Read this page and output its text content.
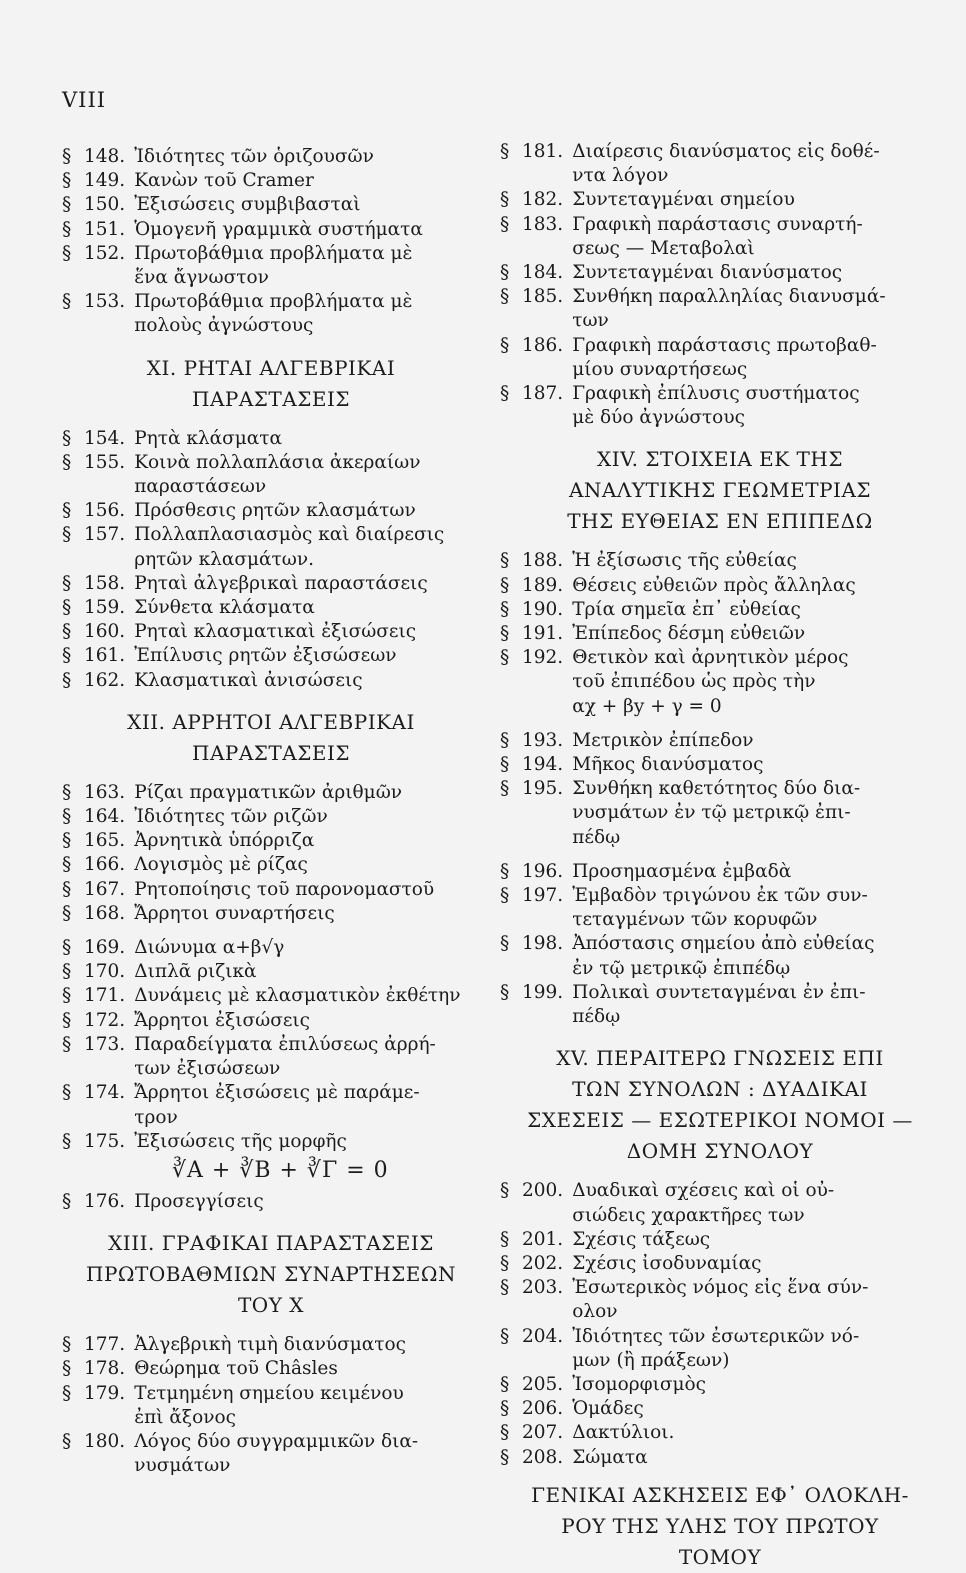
VIII
§ 148. Ἰδιότητες τῶν ὁριζουσῶν
§ 149. Κανὼν τοῦ Cramer
§ 150. Ἐξισώσεις συμβιβασταὶ
§ 151. Ὁμογενῆ γραμμικὰ συστήματα
§ 152. Πρωτοβάθμια προβλήματα μὲ
ἕνα ἄγνωστον
§ 153. Πρωτοβάθμια προβλήματα μὲ
πολοὺς ἀγνώστους
XI. ΡΗΤΑΙ ΑΛΓΕΒΡΙΚΑΙ
ΠΑΡΑΣΤΑΣΕΙΣ
§ 154. Ρητὰ κλάσματα
§ 155. Κοινὰ πολλαπλάσια ἀκεραίων
παραστάσεων
§ 156. Πρόσθεσις ρητῶν κλασμάτων
§ 157. Πολλαπλασιασμὸς καὶ διαίρεσις
ρητῶν κλασμάτων.
§ 158. Ρηταὶ ἀλγεβρικαὶ παραστάσεις
§ 159. Σύνθετα κλάσματα
§ 160. Ρηταὶ κλασματικαὶ ἐξισώσεις
§ 161. Ἐπίλυσις ρητῶν ἐξισώσεων
§ 162. Κλασματικαὶ ἀνισώσεις
XII. ΑΡΡΗΤΟΙ ΑΛΓΕΒΡΙΚΑΙ
ΠΑΡΑΣΤΑΣΕΙΣ
§ 163. Ρίζαι πραγματικῶν ἀριθμῶν
§ 164. Ἰδιότητες τῶν ριζῶν
§ 165. Ἀρνητικὰ ὑπόρριζα
§ 166. Λογισμὸς μὲ ρίζας
§ 167. Ρητοποίησις τοῦ παρονομαστοῦ
§ 168. Ἄρρητοι συναρτήσεις
§ 169. Διώνυμα α+β√γ
§ 170. Διπλᾶ ριζικὰ
§ 171. Δυνάμεις μὲ κλασματικὸν ἐκθέτην
§ 172. Ἄρρητοι ἐξισώσεις
§ 173. Παραδείγματα ἐπιλύσεως ἀρρή-
των ἐξισώσεων
§ 174. Ἄρρητοι ἐξισώσεις μὲ παράμε-
τρον
§ 175. Ἐξισώσεις τῆς μορφῆς
∛Α + ∛Β + ∛Γ = 0
§ 176. Προσεγγίσεις
XIII. ΓΡΑΦΙΚΑΙ ΠΑΡΑΣΤΑΣΕΙΣ
ΠΡΩΤΟΒΑΘΜΙΩΝ ΣΥΝΑΡΤΗΣΕΩΝ
ΤΟΥ Χ
§ 177. Ἀλγεβρικὴ τιμὴ διανύσματος
§ 178. Θεώρημα τοῦ Châsles
§ 179. Τετμημένη σημείου κειμένου
ἐπὶ ἄξονος
§ 180. Λόγος δύο συγγραμμικῶν δια-
νυσμάτων
§ 181. Διαίρεσις διανύσματος εἰς δοθέ-
ντα λόγον
§ 182. Συντεταγμέναι σημείου
§ 183. Γραφικὴ παράστασις συναρτή-
σεως — Μεταβολαὶ
§ 184. Συντεταγμέναι διανύσματος
§ 185. Συνθήκη παραλληλίας διανυσμά-
των
§ 186. Γραφικὴ παράστασις πρωτοβαθ-
μίου συναρτήσεως
§ 187. Γραφικὴ ἐπίλυσις συστήματος
μὲ δύο ἀγνώστους
XIV. ΣΤΟΙΧΕΙΑ ΕΚ ΤΗΣ
ΑΝΑΛΥΤΙΚΗΣ ΓΕΩΜΕΤΡΙΑΣ
ΤΗΣ ΕΥΘΕΙΑΣ ΕΝ ΕΠΙΠΕΔΩ
§ 188. Ἡ ἐξίσωσις τῆς εὐθείας
§ 189. Θέσεις εὐθειῶν πρὸς ἄλληλας
§ 190. Τρία σημεῖα ἐπ᾽ εὐθείας
§ 191. Ἐπίπεδος δέσμη εὐθειῶν
§ 192. Θετικὸν καὶ ἀρνητικὸν μέρος
τοῦ ἐπιπέδου ὡς πρὸς τὴν
αχ + βy + γ = 0
§ 193. Μετρικὸν ἐπίπεδον
§ 194. Μῆκος διανύσματος
§ 195. Συνθήκη καθετότητος δύο δια-
νυσμάτων ἐν τῷ μετρικῷ ἐπι-
πέδῳ
§ 196. Προσημασμένα ἐμβαδὰ
§ 197. Ἐμβαδὸν τριγώνου ἐκ τῶν συν-
τεταγμένων τῶν κορυφῶν
§ 198. Ἀπόστασις σημείου ἀπὸ εὐθείας
ἐν τῷ μετρικῷ ἐπιπέδῳ
§ 199. Πολικαὶ συντεταγμέναι ἐν ἐπι-
πέδῳ
XV. ΠΕΡΑΙΤΕΡΩ ΓΝΩΣΕΙΣ ΕΠΙ
ΤΩΝ ΣΥΝΟΛΩΝ : ΔΥΑΔΙΚΑΙ
ΣΧΕΣΕΙΣ — ΕΣΩΤΕΡΙΚΟΙ ΝΟΜΟΙ —
ΔΟΜΗ ΣΥΝΟΛΟΥ
§ 200. Δυαδικαὶ σχέσεις καὶ οἱ οὐ-
σιώδεις χαρακτῆρες των
§ 201. Σχέσις τάξεως
§ 202. Σχέσις ἰσοδυναμίας
§ 203. Ἐσωτερικὸς νόμος εἰς ἕνα σύν-
ολον
§ 204. Ἰδιότητες τῶν ἐσωτερικῶν νό-
μων (ἢ πράξεων)
§ 205. Ἰσομορφισμὸς
§ 206. Ὁμάδες
§ 207. Δακτύλιοι.
§ 208. Σώματα
ΓΕΝΙΚΑΙ ΑΣΚΗΣΕΙΣ ΕΦ᾽ ΟΛΟΚΛΗ-
ΡΟΥ ΤΗΣ ΥΛΗΣ ΤΟΥ ΠΡΩΤΟΥ
ΤΟΜΟΥ
